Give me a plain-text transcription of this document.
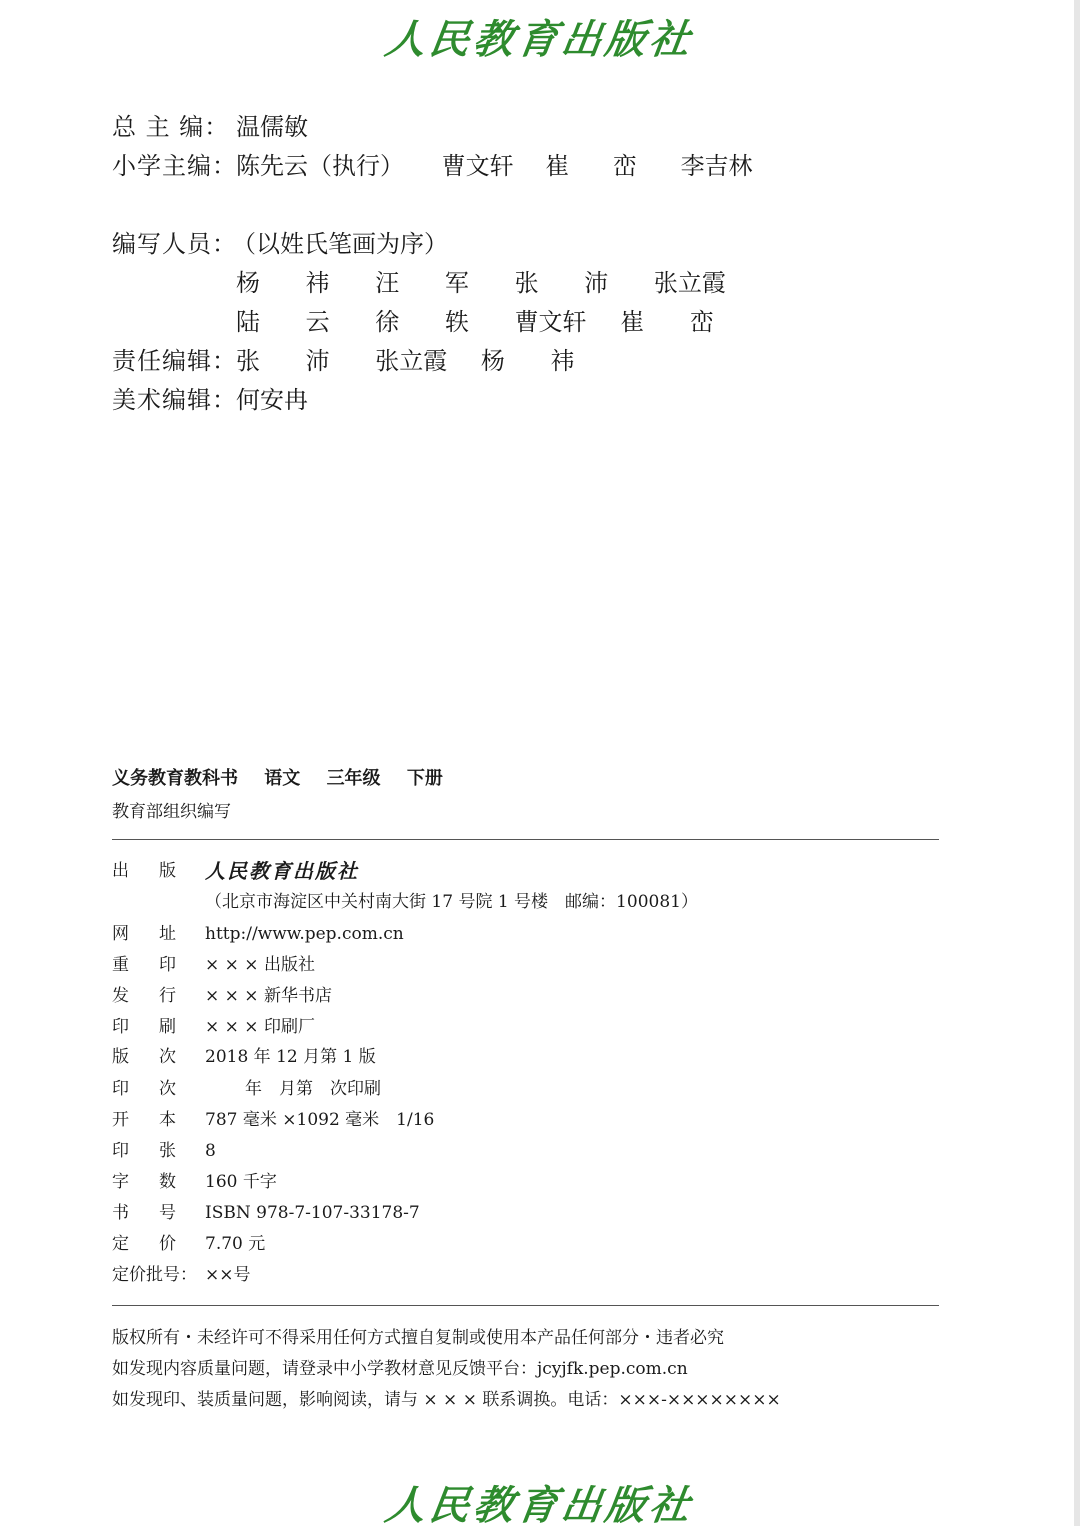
人民教育出版社
总 主 编： 温儒敏
小学主编： 陈先云（执行） 曹文轩 崔 峦 李吉林
编写人员：
（以姓氏笔画为序）
杨 祎 汪 军 张 沛 张立霞
陆 云 徐 轶 曹文轩 崔 峦
责任编辑： 张 沛 张立霞 杨 祎
美术编辑： 何安冉
义务教育教科书 语文 三年级 下册
教育部组织编写
出版 人民教育出版社
（北京市海淀区中关村南大街 17 号院 1 号楼　邮编：100081）
网址 http://www.pep.com.cn
重印 × × × 出版社
发行 × × × 新华书店
印刷 × × × 印刷厂
版次 2018 年 12 月第 1 版
印次 年　月第　次印刷
开本 787 毫米 ×1092 毫米　1/16
印张 8
字数 160 千字
书号 ISBN 978-7-107-33178-7
定价 7.70 元
定价批号： ××号
版权所有・未经许可不得采用任何方式擅自复制或使用本产品任何部分・违者必究
如发现内容质量问题，请登录中小学教材意见反馈平台：jcyjfk.pep.com.cn
如发现印、装质量问题，影响阅读，请与 × × × 联系调换。电话：×××-××××××××
人民教育出版社
